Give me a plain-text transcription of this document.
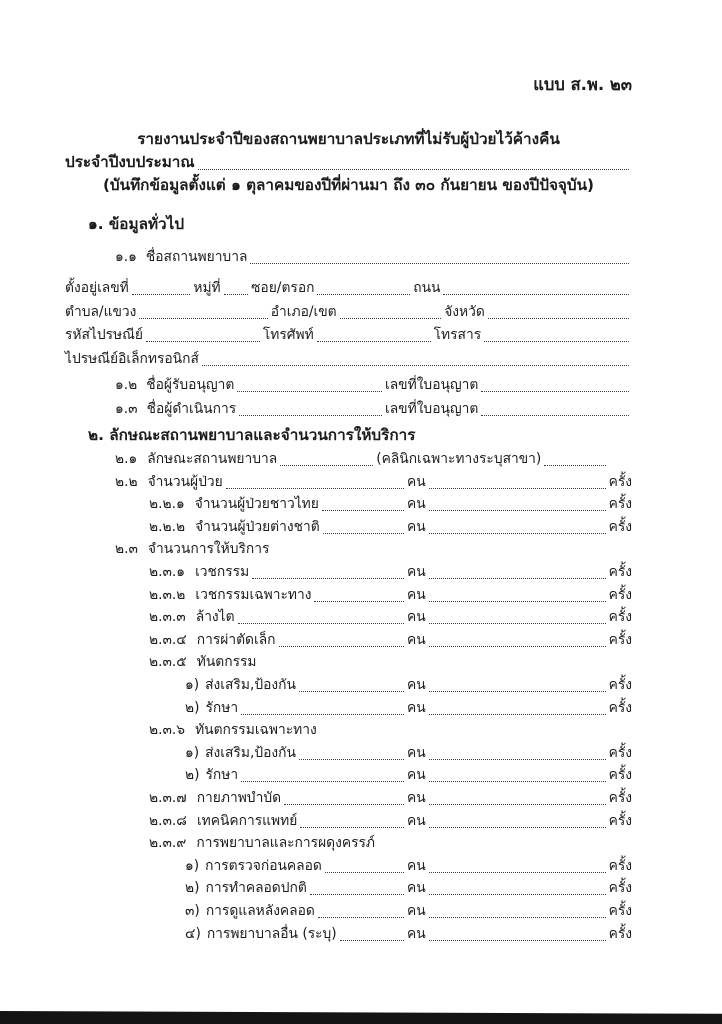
แบบ ส.พ. ๒๓
รายงานประจำปีของสถานพยาบาลประเภทที่ไม่รับผู้ป่วยไว้ค้างคืน
ประจำปีงบประมาณ
(บันทึกข้อมูลตั้งแต่ ๑ ตุลาคมของปีที่ผ่านมา ถึง ๓๐ กันยายน ของปีปัจจุบัน)
๑. ข้อมูลทั่วไป
๑.๑ ชื่อสถานพยาบาล
ตั้งอยู่เลขที่	หมู่ที่ ซอย/ตรอก	ถนน
ตำบล/แขวง	อำเภอ/เขต	จังหวัด
รหัสไปรษณีย์	โทรศัพท์	โทรสาร
ไปรษณีย์อิเล็กทรอนิกส์
๑.๒ ชื่อผู้รับอนุญาต	เลขที่ใบอนุญาต
๑.๓ ชื่อผู้ดำเนินการ	เลขที่ใบอนุญาต
๒. ลักษณะสถานพยาบาลและจำนวนการให้บริการ
๒.๑ ลักษณะสถานพยาบาล	(คลินิกเฉพาะทางระบุสาขา)
๒.๒ จำนวนผู้ป่วย	คน	ครั้ง
๒.๒.๑ จำนวนผู้ป่วยชาวไทย	คน	ครั้ง
๒.๒.๒ จำนวนผู้ป่วยต่างชาติ	คน	ครั้ง
๒.๓ จำนวนการให้บริการ
๒.๓.๑ เวชกรรม	คน	ครั้ง
๒.๓.๒ เวชกรรมเฉพาะทาง	คน	ครั้ง
๒.๓.๓ ล้างไต	คน	ครั้ง
๒.๓.๔ การผ่าตัดเล็ก	คน	ครั้ง
๒.๓.๕ ทันตกรรม
๑) ส่งเสริม,ป้องกัน	คน	ครั้ง
๒) รักษา	คน	ครั้ง
๒.๓.๖ ทันตกรรมเฉพาะทาง
๑) ส่งเสริม,ป้องกัน	คน	ครั้ง
๒) รักษา	คน	ครั้ง
๒.๓.๗ กายภาพบำบัด	คน	ครั้ง
๒.๓.๘ เทคนิคการแพทย์	คน	ครั้ง
๒.๓.๙ การพยาบาลและการผดุงครรภ์
๑) การตรวจก่อนคลอด	คน	ครั้ง
๒) การทำคลอดปกติ	คน	ครั้ง
๓) การดูแลหลังคลอด	คน	ครั้ง
๔) การพยาบาลอื่น (ระบุ)	คน	ครั้ง
